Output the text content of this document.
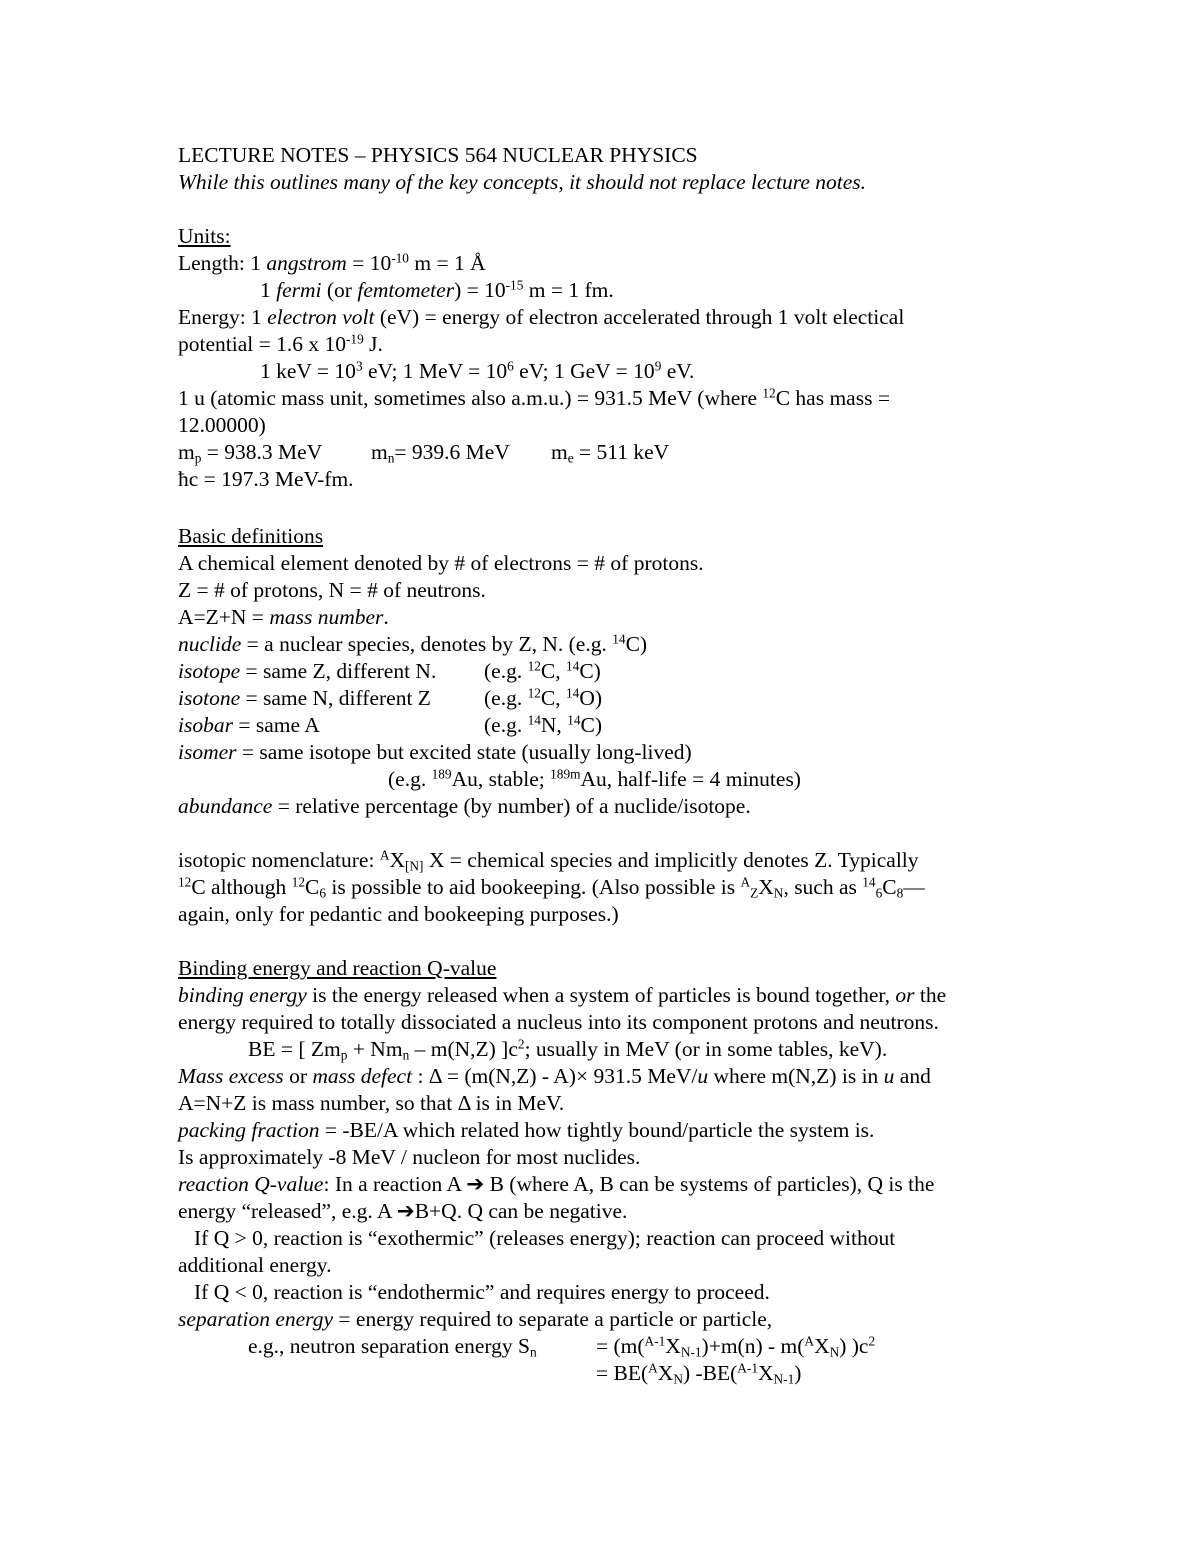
LECTURE NOTES – PHYSICS 564 NUCLEAR PHYSICS
While this outlines many of the key concepts, it should not replace lecture notes.
Units:
Length: 1 angstrom = $10^{-10}$ m = 1 Å
1 fermi (or femtometer) = $10^{-15}$ m = 1 fm.
Energy: 1 electron volt (eV) = energy of electron accelerated through 1 volt electical
potential = 1.6 x $10^{-19}$ J.
1 keV = $10^3$ eV; 1 MeV = $10^6$ eV; 1 GeV = $10^9$ eV.
1 u (atomic mass unit, sometimes also a.m.u.) = 931.5 MeV (where $^{12}$C has mass =
12.00000)
$m_p = 938.3$ MeV $m_n= 939.6$ MeV $m_e = 511$ keV
ħc = 197.3 MeV-fm.
Basic definitions
A chemical element denoted by # of electrons = # of protons.
Z = # of protons, N = # of neutrons.
A=Z+N = mass number.
nuclide = a nuclear species, denotes by Z, N. (e.g. $^{14}$C)
isotope = same Z, different N. (e.g. $^{12}$C, $^{14}$C)
isotone = same N, different Z (e.g. $^{12}$C, $^{14}$O)
isobar = same A	(e.g. $^{14}$N, $^{14}$C)
isomer = same isotope but excited state (usually long-lived)
(e.g. $^{189}$Au, stable; $^{189m}$Au, half-life = 4 minutes)
abundance = relative percentage (by number) of a nuclide/isotope.
isotopic nomenclature: $^AX_{[N]}$ X = chemical species and implicitly denotes Z. Typically
$^{12}$C although $^{12}C_6$ is possible to aid bookeeping. (Also possible is $^A_ZX_N$, such as $^{14}_6C_8—$
again, only for pedantic and bookeeping purposes.)
Binding energy and reaction Q-value
binding energy is the energy released when a system of particles is bound together, or the
energy required to totally dissociated a nucleus into its component protons and neutrons.
BE = [ $Zm_p + Nm_n - m(N,Z)$ ]$c^2$; usually in MeV (or in some tables, keV).
Mass excess or mass defect : Δ = (m(N,Z) - A)× 931.5 MeV/u where m(N,Z) is in u and
A=N+Z is mass number, so that Δ is in MeV.
packing fraction = -BE/A which related how tightly bound/particle the system is.
Is approximately -8 MeV / nucleon for most nuclides.
reaction Q-value: In a reaction A ➔ B (where A, B can be systems of particles), Q is the
energy “released”, e.g. A ➔B+Q. Q can be negative.
If Q > 0, reaction is “exothermic” (releases energy); reaction can proceed without
additional energy.
If Q < 0, reaction is “endothermic” and requires energy to proceed.
separation energy = energy required to separate a particle or particle,
e.g., neutron separation energy $S_n$	= ($m(^{A-1}X_{N-1})+m(n) - m(^AX_N)$ )$c^2$
= $BE(^AX_N)$ $-BE(^{A-1}X_{N-1})$
